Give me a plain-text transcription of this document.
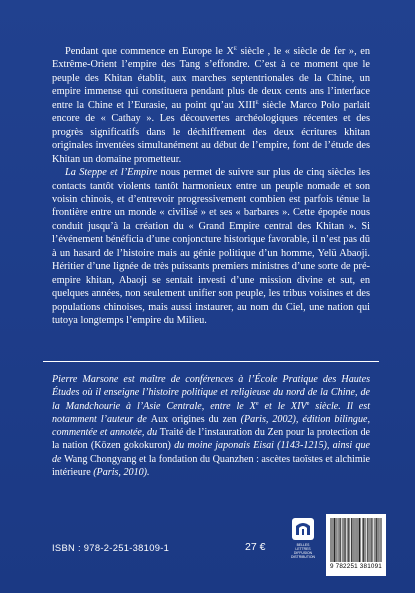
Pendant que commence en Europe le Xe siècle , le « siècle de fer », en Extrême-Orient l’empire des Tang s’effondre. C’est à ce moment que le peuple des Khitan établit, aux marches septentrionales de la Chine, un empire immense qui constituera pendant plus de deux cents ans l’interface entre la Chine et l’Eurasie, au point qu’au XIIIe siècle Marco Polo parlait encore de « Cathay ». Les découvertes archéologiques récentes et des progrès significatifs dans le déchiffrement des deux écritures khitan originales inventées simultanément au début de l’empire, font de l’étude des Khitan un domaine prometteur.

La Steppe et l’Empire nous permet de suivre sur plus de cinq siècles les contacts tantôt violents tantôt harmonieux entre un peuple nomade et son voisin chinois, et d’entrevoir progressivement combien est parfois ténue la frontière entre un monde « civilisé » et ses « barbares ». Cette épopée nous conduit jusqu’à la création du « Grand Empire central des Khitan ». Si l’événement bénéficia d’une conjoncture historique favorable, il n’est pas dû à un hasard de l’histoire mais au génie politique d’un homme, Yelü Abaoji. Héritier d’une lignée de très puissants premiers ministres d’une sorte de pré-empire khitan, Abaoji se sentait investi d’une mission divine et sut, en quelques années, non seulement unifier son peuple, les tribus voisines et des populations chinoises, mais aussi instaurer, au nom du Ciel, une nation qui tutoya longtemps l’empire du Milieu.

Pierre Marsone est maître de conférences à l’École Pratique des Hautes Études où il enseigne l’histoire politique et religieuse du nord de la Chine, de la Mandchourie à l’Asie Centrale, entre le Xe et le XIVe siècle. Il est notamment l’auteur de Aux origines du zen (Paris, 2002), édition bilingue, commentée et annotée, du Traité de l’instauration du Zen pour la protection de la nation (Kōzen gokokuron) du moine japonais Eisai (1143-1215), ainsi que de Wang Chongyang et la fondation du Quanzhen : ascètes taoïstes et alchimie intérieure (Paris, 2010).
ISBN : 978-2-251-38109-1	27 €	BELLES LETTRES
DIFFUSION
DISTRIBUTION
9 782251 381091
